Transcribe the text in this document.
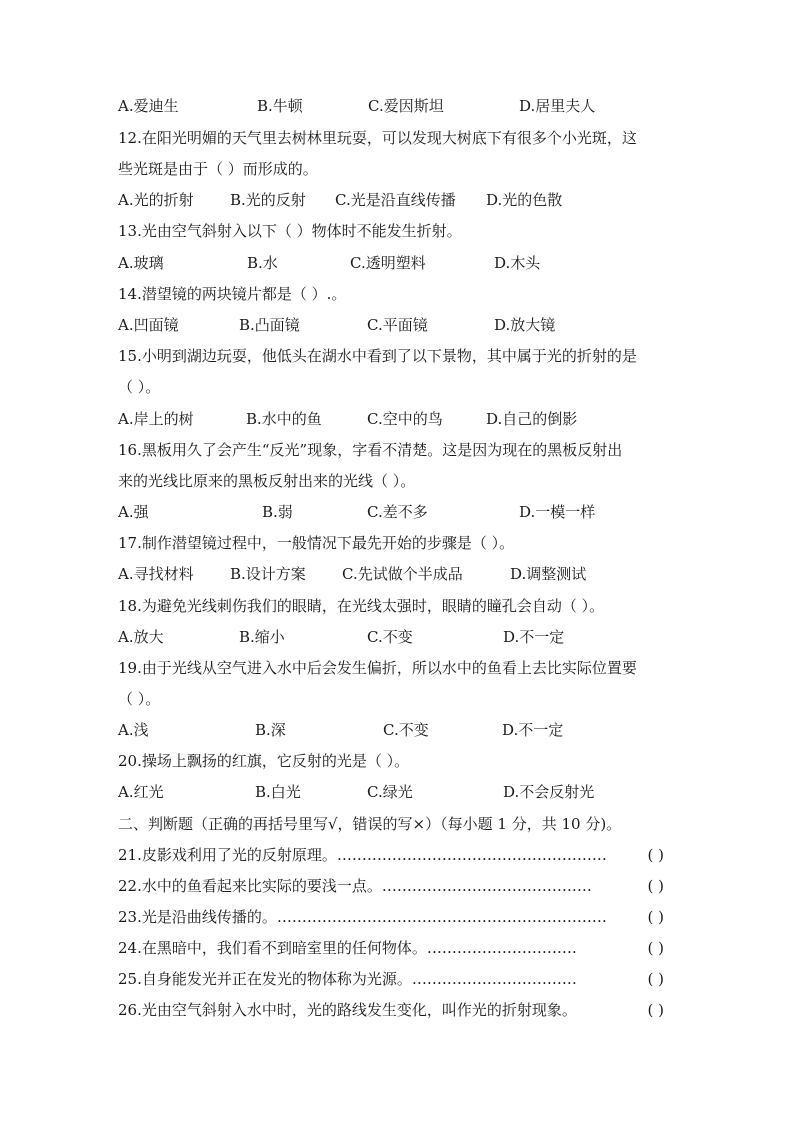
A.爱迪生	B.牛顿	C.爱因斯坦	D.居里夫人
12.在阳光明媚的天气里去树林里玩耍，可以发现大树底下有很多个小光斑，这
些光斑是由于（ ）而形成的。
A.光的折射 B.光的反射 C.光是沿直线传播 D.光的色散
13.光由空气斜射入以下（ ）物体时不能发生折射。
A.玻璃	B.水	C.透明塑料	D.木头
14.潜望镜的两块镜片都是（ ）.。
A.凹面镜	B.凸面镜	C.平面镜	D.放大镜
15.小明到湖边玩耍，他低头在湖水中看到了以下景物，其中属于光的折射的是
（ ）。
A.岸上的树	B.水中的鱼	C.空中的鸟	D.自己的倒影
16.黑板用久了会产生“反光”现象，字看不清楚。这是因为现在的黑板反射出
来的光线比原来的黑板反射出来的光线（ ）。
A.强	B.弱	C.差不多	D.一模一样
17.制作潜望镜过程中，一般情况下最先开始的步骤是（ ）。
A.寻找材料 B.设计方案 C.先试做个半成品	D.调整测试
18.为避免光线刺伤我们的眼睛，在光线太强时，眼睛的瞳孔会自动（ ）。
A.放大	B.缩小	C.不变	D.不一定
19.由于光线从空气进入水中后会发生偏折，所以水中的鱼看上去比实际位置要
（ ）。
A.浅	B.深	C.不变	D.不一定
20.操场上飘扬的红旗，它反射的光是（ ）。
A.红光	B.白光	C.绿光	D.不会反射光
二、判断题（正确的再括号里写√，错误的写×）（每小题 1 分，共 10 分)。
21.皮影戏利用了光的反射原理。………………………………………………	( )
22.水中的鱼看起来比实际的要浅一点。……………………………………	( )
23.光是沿曲线传播的。…………………………………………………………	( )
24.在黑暗中，我们看不到暗室里的任何物体。…………………………	( )
25.自身能发光并正在发光的物体称为光源。……………………………	( )
26.光由空气斜射入水中时，光的路线发生变化，叫作光的折射现象。	( )
